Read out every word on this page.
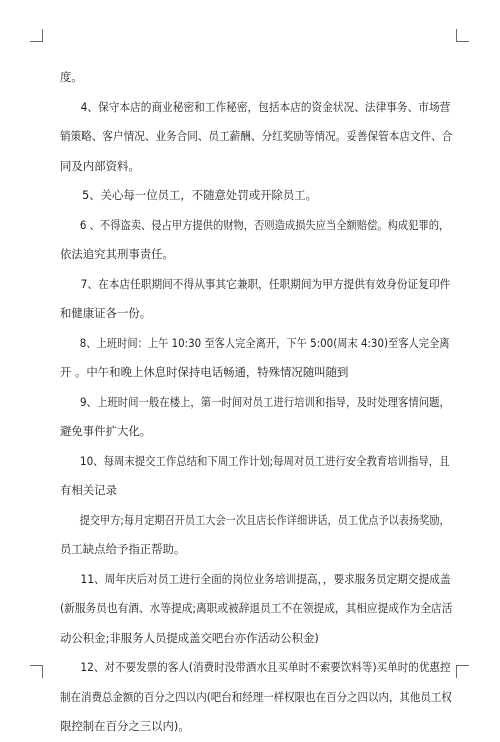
度。
4、保守本店的商业秘密和工作秘密，包括本店的资金状况、法律事务、市场营
销策略、客户情况、业务合同、员工薪酬、分红奖励等情况。妥善保管本店文件、合
同及内部资料。
5、关心每一位员工，不随意处罚或开除员工。
6 、不得盗卖、侵占甲方提供的财物，否则造成损失应当全额赔偿。构成犯罪的，
依法追究其刑事责任。
7、在本店任职期间不得从事其它兼职，任职期间为甲方提供有效身份证复印件
和健康证各一份。
8、上班时间：上午 10:30 至客人完全离开，下午 5:00(周末 4:30)至客人完全离
开 。中午和晚上休息时保持电话畅通，特殊情况随叫随到
9、上班时间一般在楼上，第一时间对员工进行培训和指导，及时处理客情问题，
避免事件扩大化。
10、每周末提交工作总结和下周工作计划;每周对员工进行安全教育培训指导，且
有相关记录
提交甲方;每月定期召开员工大会一次且店长作详细讲话，员工优点予以表扬奖励，
员工缺点给予指正帮助。
11、周年庆后对员工进行全面的岗位业务培训提高，，要求服务员定期交提成盖
(新服务员也有酒、水等提成;离职或被辞退员工不在领提成，其相应提成作为全店活
动公积金;非服务人员提成盖交吧台亦作活动公积金)
12、对不要发票的客人(消费时没带酒水且买单时不索要饮料等)买单时的优惠控
制在消费总金额的百分之四以内(吧台和经理一样权限也在百分之四以内，其他员工权
限控制在百分之三以内)。
